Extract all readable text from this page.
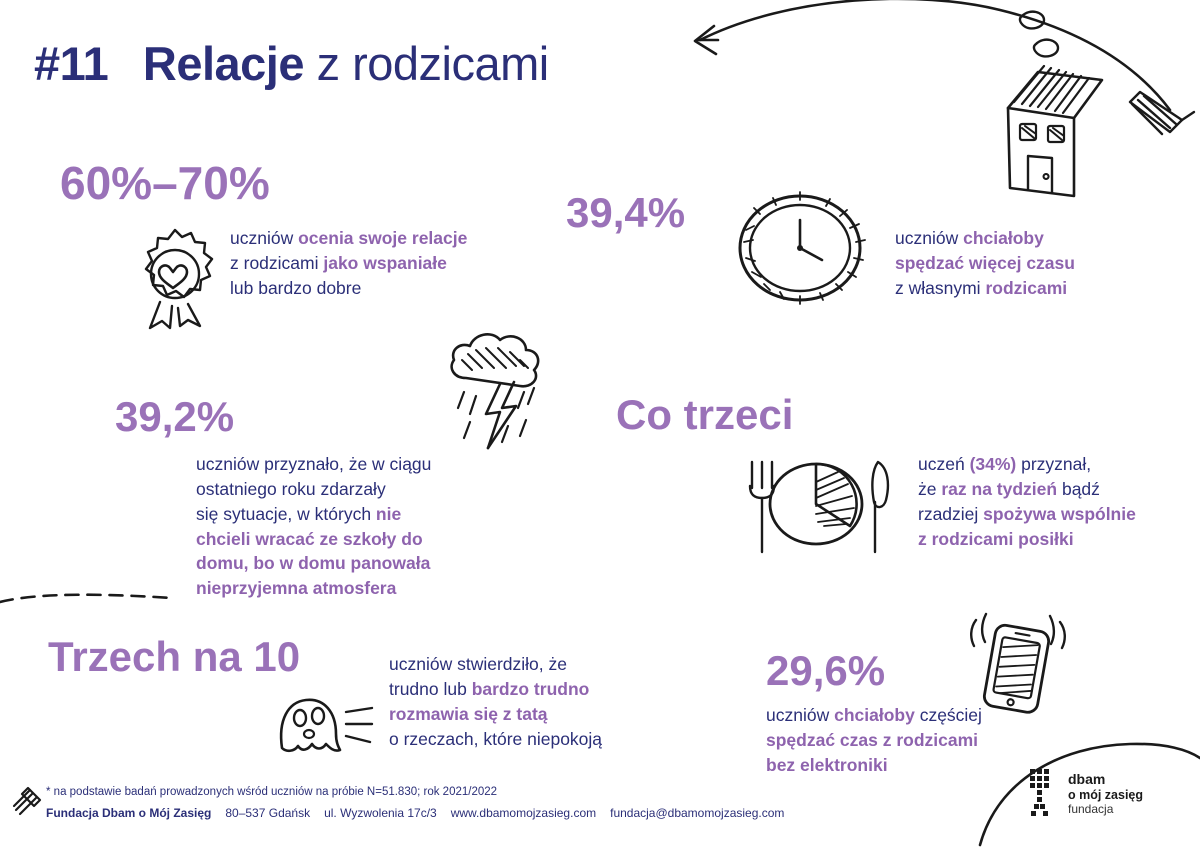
#11 Relacje z rodzicami
60%–70%
uczniów ocenia swoje relacje
z rodzicami jako wspaniałe
lub bardzo dobre
39,4%
uczniów chciałoby
spędzać więcej czasu
z własnymi rodzicami
39,2%
uczniów przyznało, że w ciągu
ostatniego roku zdarzały
się sytuacje, w których nie
chcieli wracać ze szkoły do
domu, bo w domu panowała
nieprzyjemna atmosfera
Co trzeci
uczeń (34%) przyznał,
że raz na tydzień bądź
rzadziej spożywa wspólnie
z rodzicami posiłki
Trzech na 10	uczniów stwierdziło, że
trudno lub bardzo trudno
rozmawia się z tatą
o rzeczach, które niepokoją
29,6%
uczniów chciałoby częściej
spędzać czas z rodzicami
bez elektroniki
* na podstawie badań prowadzonych wśród uczniów na próbie N=51.830; rok 2021/2022
Fundacja Dbam o Mój Zasięg 80–537 Gdańsk ul. Wyzwolenia 17c/3 www.dbamomojzasieg.com fundacja@dbamomojzasieg.com
dbam
o mój zasięg
fundacja
